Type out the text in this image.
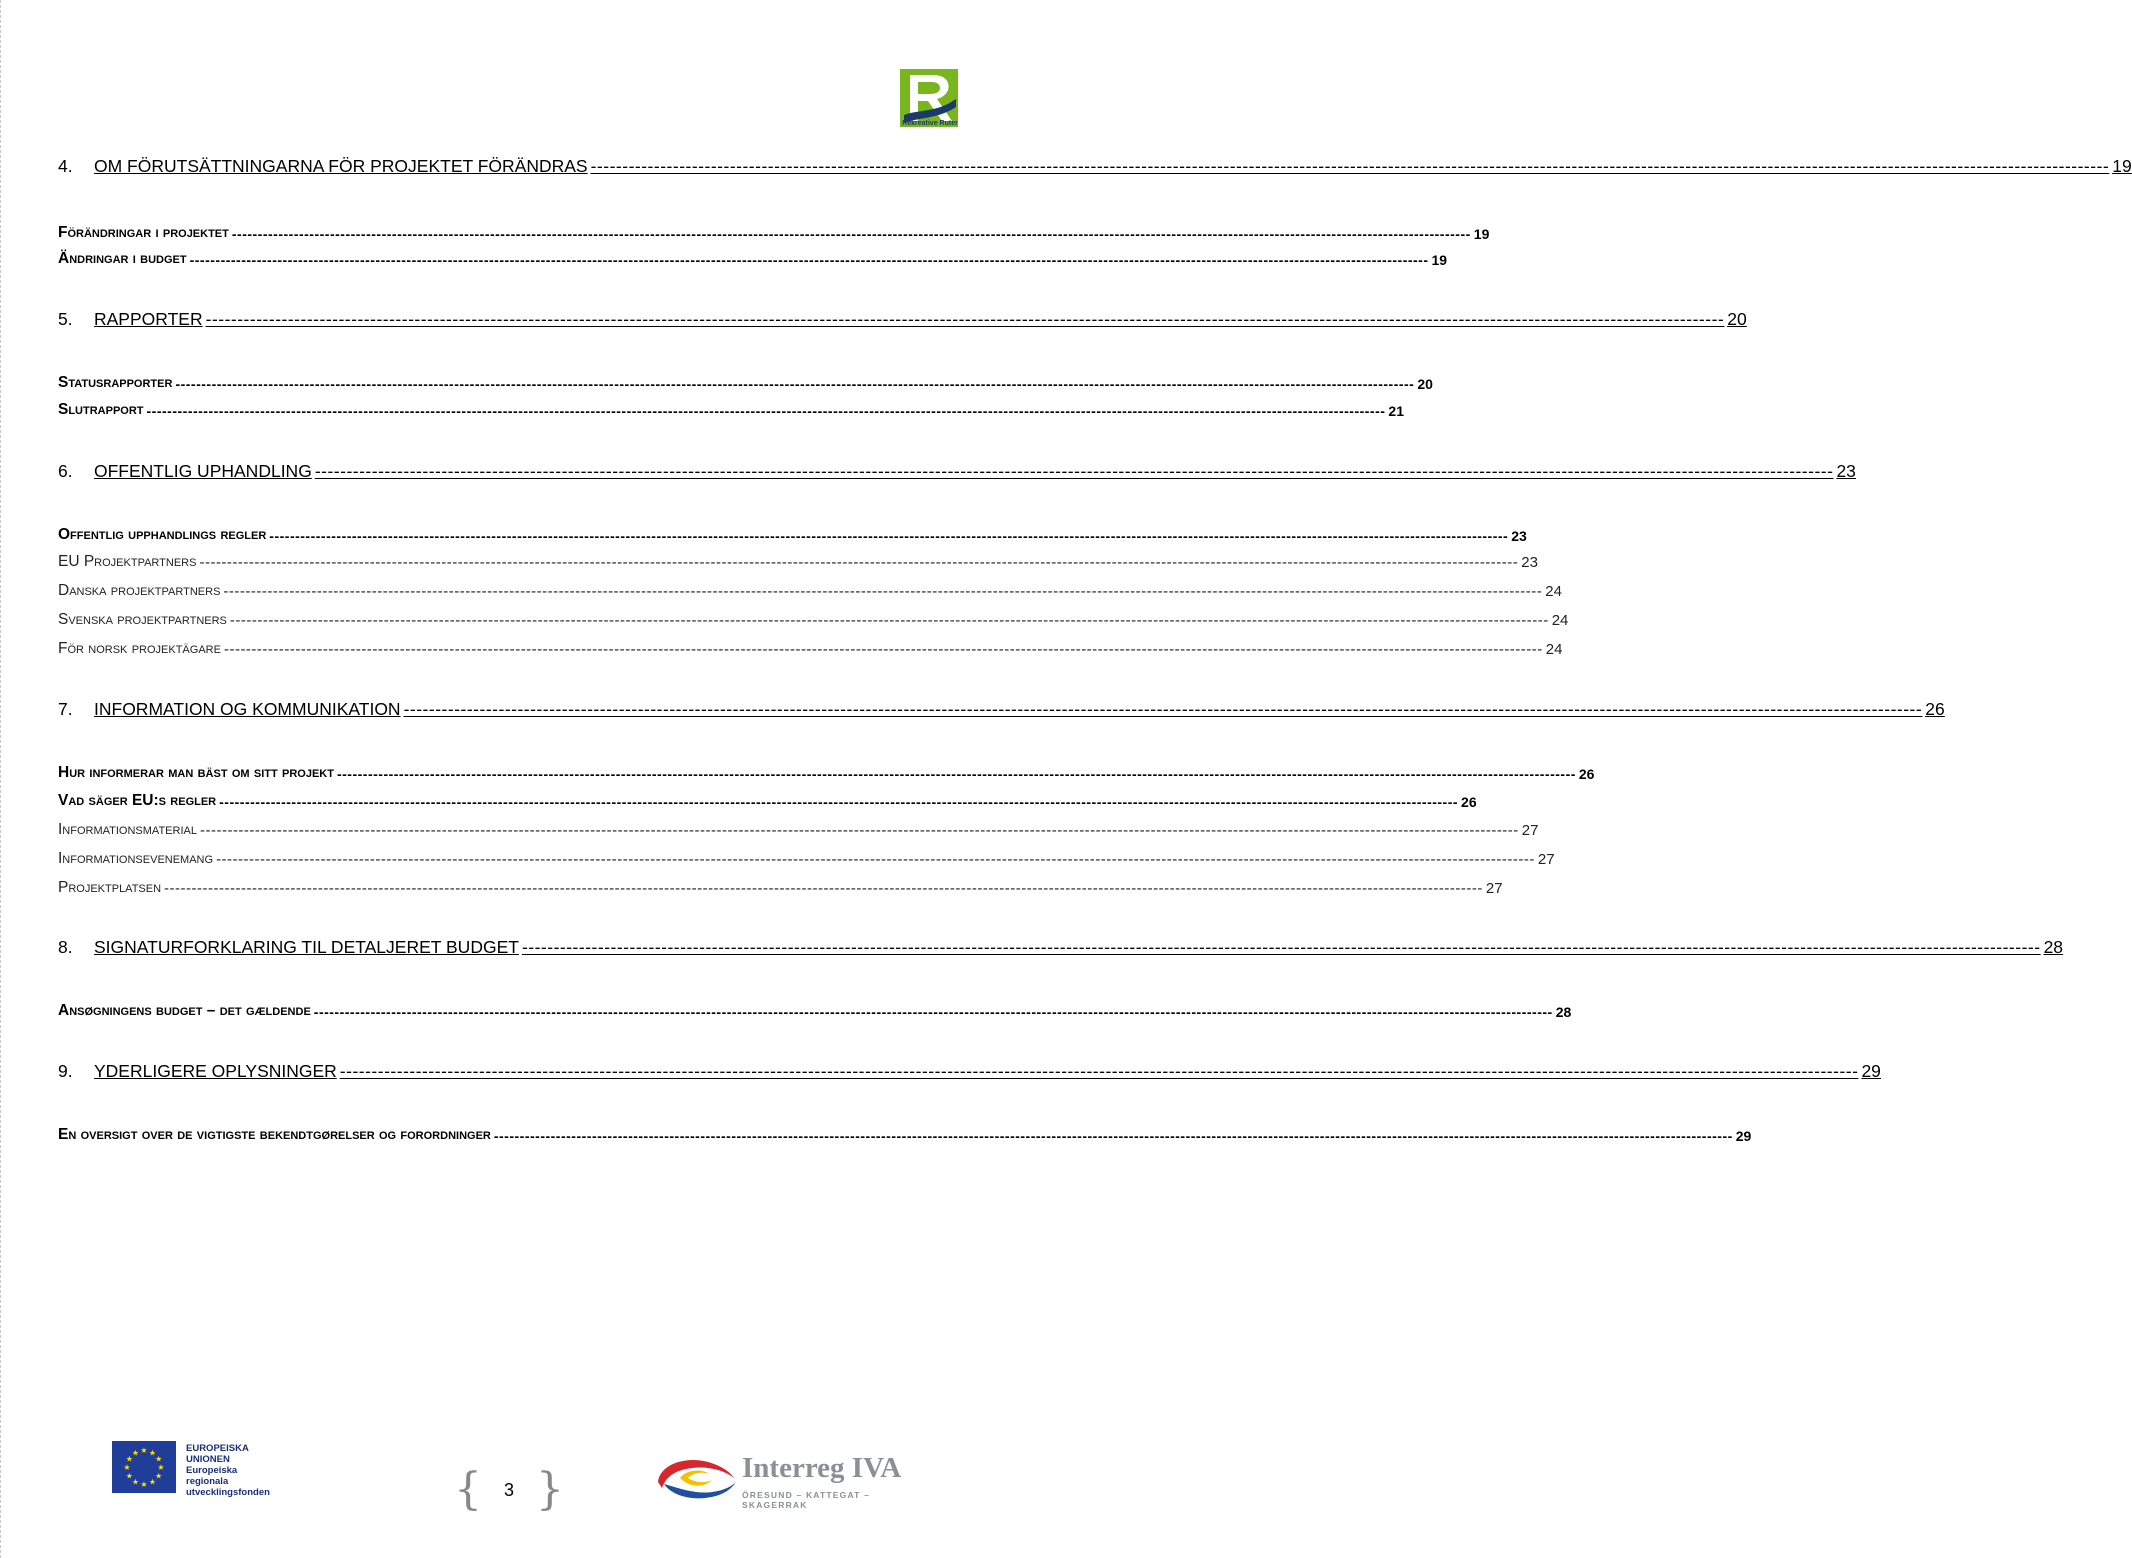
Rekreative Ruter
4. OM FÖRUTSÄTTNINGARNA FÖR PROJEKTET FÖRÄNDRAS ------------------------------------------------------------------------------------------------------------------------------------------------------------------------------------------------------------------------------------------------ 19
Förändringar i projektet ------------------------------------------------------------------------------------------------------------------------------------------------------------------------------------------------------------------------------------------------ 19
Ändringar i budget ------------------------------------------------------------------------------------------------------------------------------------------------------------------------------------------------------------------------------------------------ 19
5. RAPPORTER ------------------------------------------------------------------------------------------------------------------------------------------------------------------------------------------------------------------------------------------------ 20
Statusrapporter ------------------------------------------------------------------------------------------------------------------------------------------------------------------------------------------------------------------------------------------------ 20
Slutrapport ------------------------------------------------------------------------------------------------------------------------------------------------------------------------------------------------------------------------------------------------ 21
6. OFFENTLIG UPHANDLING ------------------------------------------------------------------------------------------------------------------------------------------------------------------------------------------------------------------------------------------------ 23
Offentlig upphandlings regler ------------------------------------------------------------------------------------------------------------------------------------------------------------------------------------------------------------------------------------------------ 23
EU Projektpartners ------------------------------------------------------------------------------------------------------------------------------------------------------------------------------------------------------------------------------------------------ 23
Danska projektpartners ------------------------------------------------------------------------------------------------------------------------------------------------------------------------------------------------------------------------------------------------ 24
Svenska projektpartners ------------------------------------------------------------------------------------------------------------------------------------------------------------------------------------------------------------------------------------------------ 24
För norsk projektägare ------------------------------------------------------------------------------------------------------------------------------------------------------------------------------------------------------------------------------------------------ 24
7. INFORMATION OG KOMMUNIKATION ------------------------------------------------------------------------------------------------------------------------------------------------------------------------------------------------------------------------------------------------ 26
Hur informerar man bäst om sitt projekt ------------------------------------------------------------------------------------------------------------------------------------------------------------------------------------------------------------------------------------------------ 26
Vad säger EU:s regler ------------------------------------------------------------------------------------------------------------------------------------------------------------------------------------------------------------------------------------------------ 26
Informationsmaterial ------------------------------------------------------------------------------------------------------------------------------------------------------------------------------------------------------------------------------------------------ 27
Informationsevenemang ------------------------------------------------------------------------------------------------------------------------------------------------------------------------------------------------------------------------------------------------ 27
Projektplatsen ------------------------------------------------------------------------------------------------------------------------------------------------------------------------------------------------------------------------------------------------ 27
8. SIGNATURFORKLARING TIL DETALJERET BUDGET ------------------------------------------------------------------------------------------------------------------------------------------------------------------------------------------------------------------------------------------------ 28
Ansøgningens budget – det gældende ------------------------------------------------------------------------------------------------------------------------------------------------------------------------------------------------------------------------------------------------ 28
9. YDERLIGERE OPLYSNINGER ------------------------------------------------------------------------------------------------------------------------------------------------------------------------------------------------------------------------------------------------ 29
En oversigt over de vigtigste bekendtgørelser og forordninger ------------------------------------------------------------------------------------------------------------------------------------------------------------------------------------------------------------------------------------------------ 29
★ ★
★
★
★
★
★
★
★
★
★
★	EUROPEISKA
UNIONEN
Europeiska
regionala
utvecklingsfonden	{ 3 }	Interreg IVA
ÖRESUND – KATTEGAT – SKAGERRAK
